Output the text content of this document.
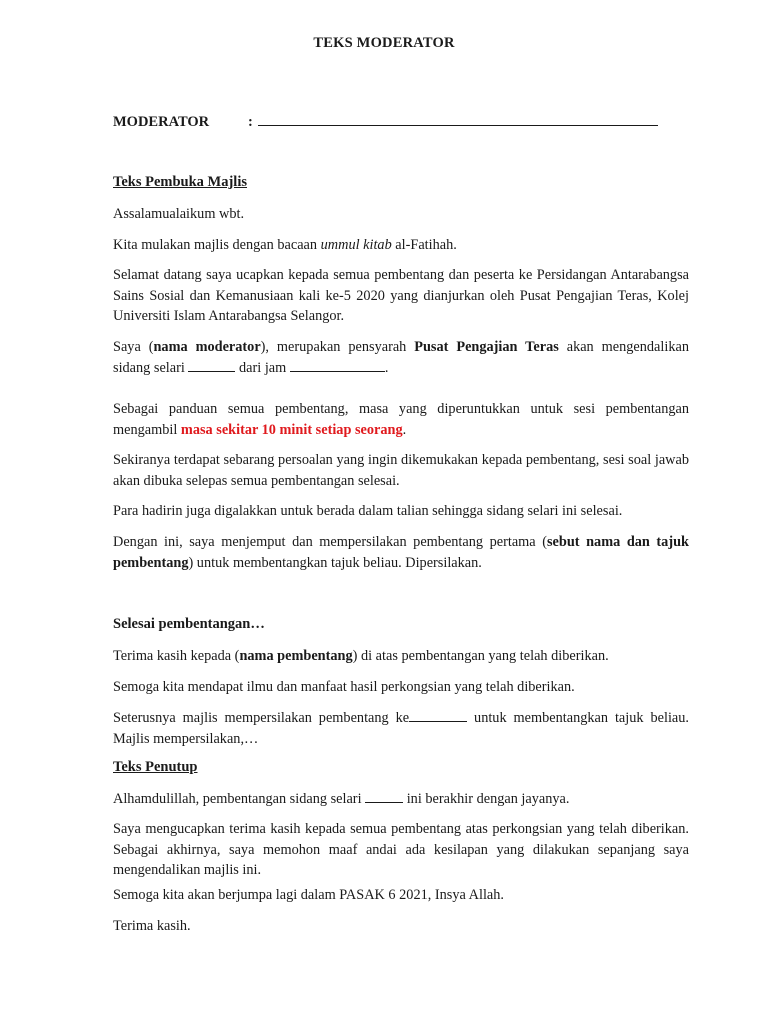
TEKS MODERATOR
MODERATOR	:
Teks Pembuka Majlis
Assalamualaikum wbt.
Kita mulakan majlis dengan bacaan ummul kitab al-Fatihah.
Selamat datang saya ucapkan kepada semua pembentang dan peserta ke Persidangan Antarabangsa Sains Sosial dan Kemanusiaan kali ke-5 2020 yang dianjurkan oleh Pusat Pengajian Teras, Kolej Universiti Islam Antarabangsa Selangor.
Saya (nama moderator), merupakan pensyarah Pusat Pengajian Teras akan mengendalikan sidang selari	dari jam	.
Sebagai panduan semua pembentang, masa yang diperuntukkan untuk sesi pembentangan mengambil masa sekitar 10 minit setiap seorang.
Sekiranya terdapat sebarang persoalan yang ingin dikemukakan kepada pembentang, sesi soal jawab akan dibuka selepas semua pembentangan selesai.
Para hadirin juga digalakkan untuk berada dalam talian sehingga sidang selari ini selesai.
Dengan ini, saya menjemput dan mempersilakan pembentang pertama (sebut nama dan tajuk pembentang) untuk membentangkan tajuk beliau. Dipersilakan.
Selesai pembentangan…
Terima kasih kepada (nama pembentang) di atas pembentangan yang telah diberikan.
Semoga kita mendapat ilmu dan manfaat hasil perkongsian yang telah diberikan.
Seterusnya majlis mempersilakan pembentang ke	untuk membentangkan tajuk beliau. Majlis mempersilakan,…
Teks Penutup
Alhamdulillah, pembentangan sidang selari	ini berakhir dengan jayanya.
Saya mengucapkan terima kasih kepada semua pembentang atas perkongsian yang telah diberikan. Sebagai akhirnya, saya memohon maaf andai ada kesilapan yang dilakukan sepanjang saya mengendalikan majlis ini.
Semoga kita akan berjumpa lagi dalam PASAK 6 2021, Insya Allah.
Terima kasih.
